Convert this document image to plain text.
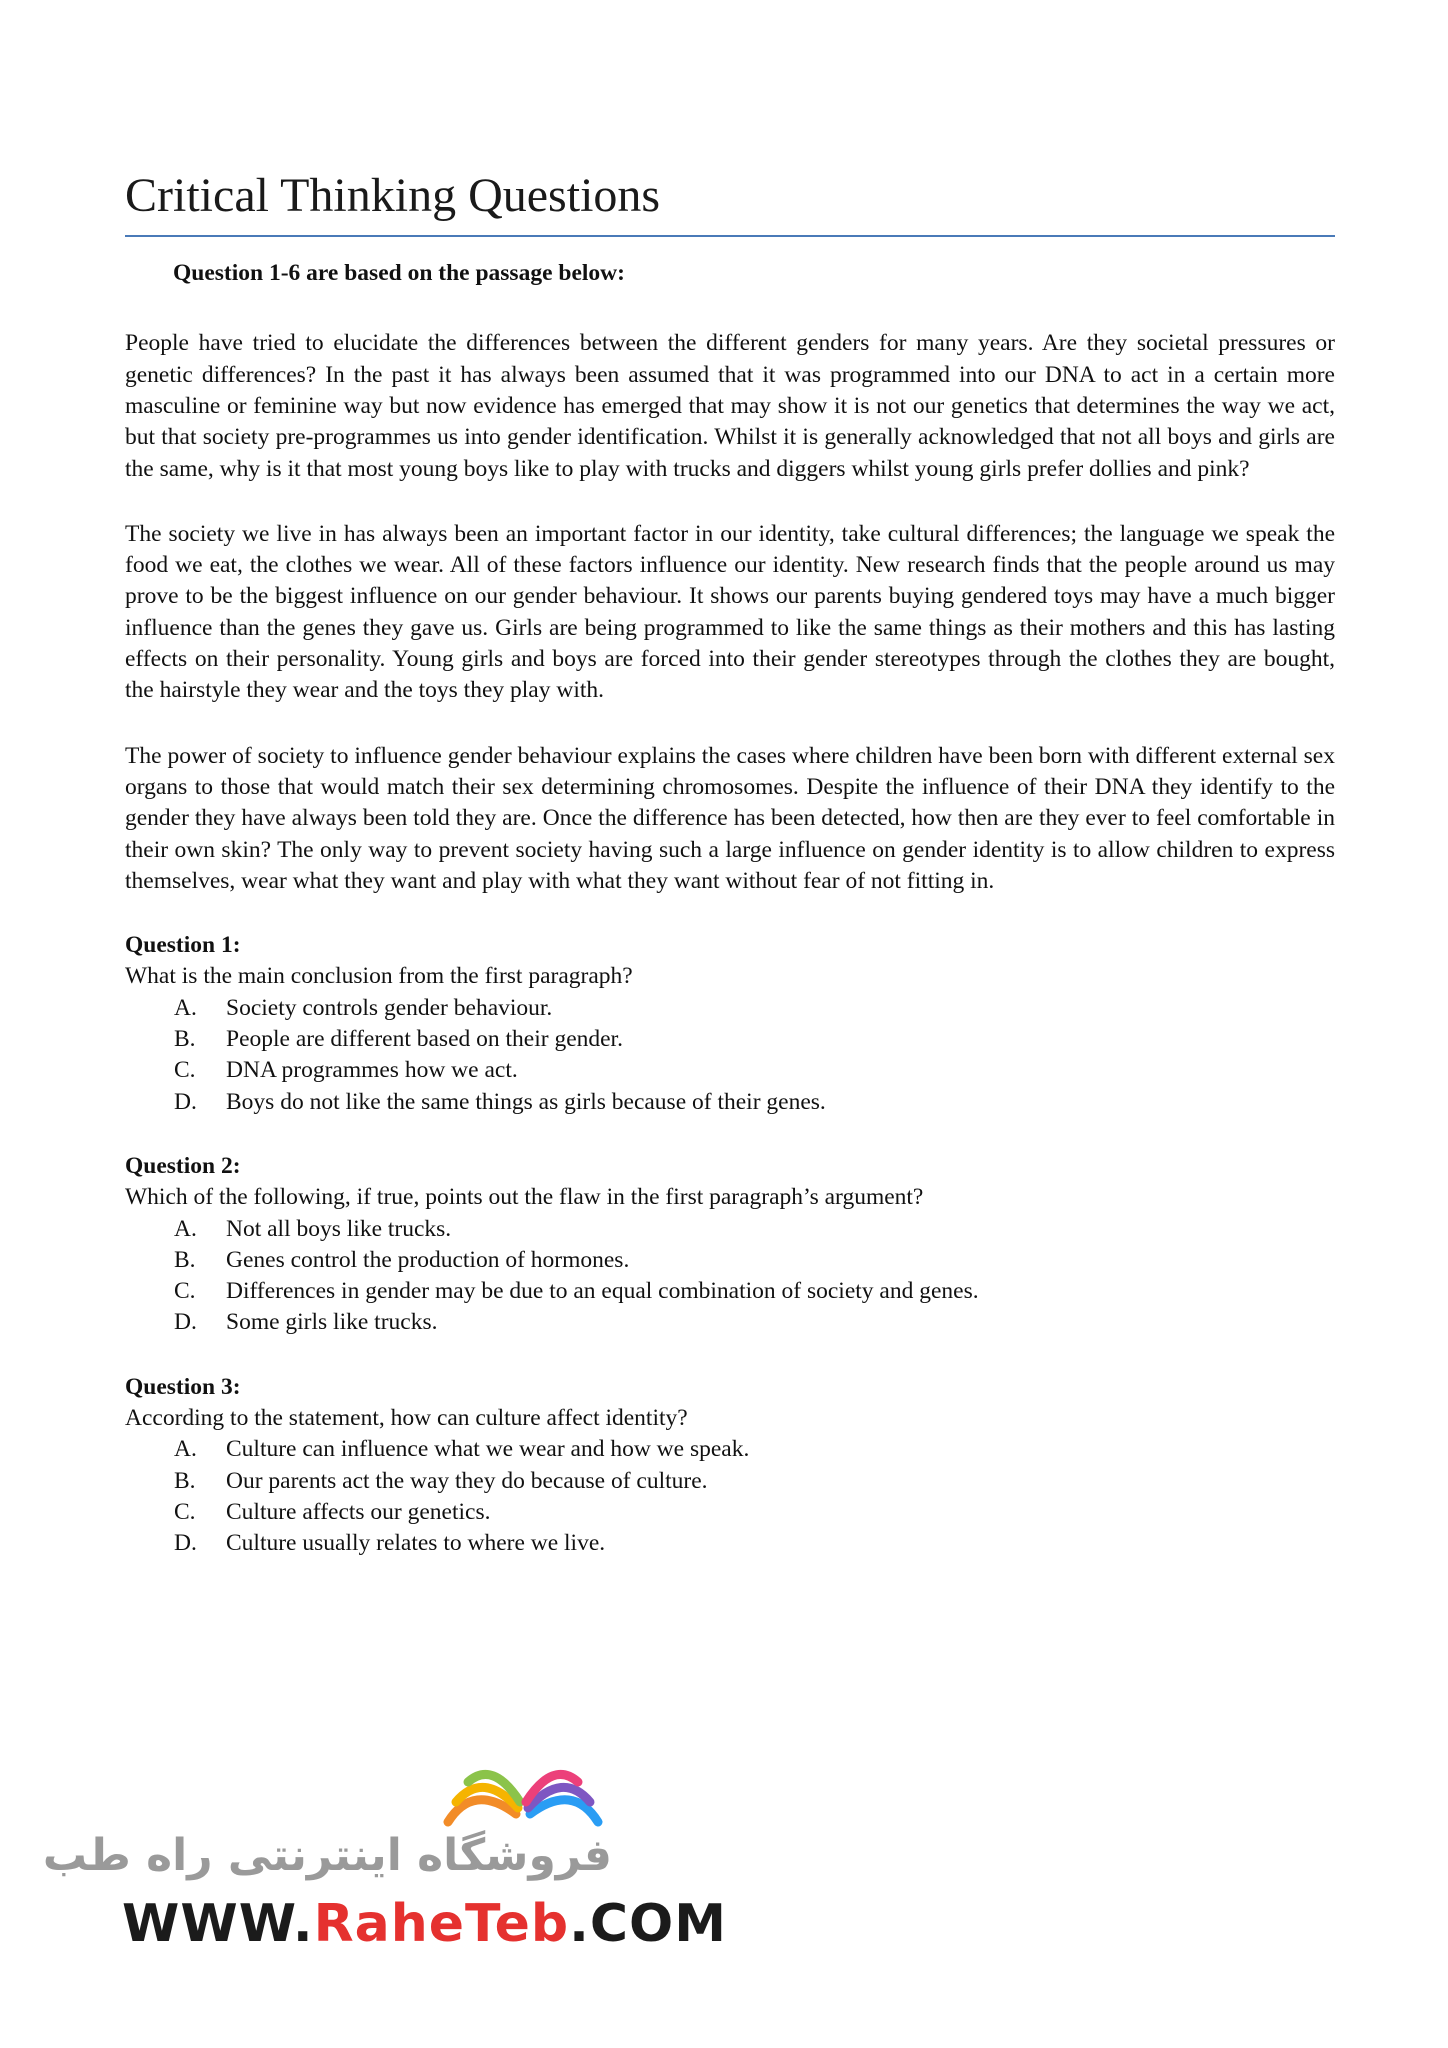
Critical Thinking Questions
Question 1-6 are based on the passage below:

People have tried to elucidate the differences between the different genders for many years. Are they societal pressures or genetic differences? In the past it has always been assumed that it was programmed into our DNA to act in a certain more masculine or feminine way but now evidence has emerged that may show it is not our genetics that determines the way we act, but that society pre-programmes us into gender identification. Whilst it is generally acknowledged that not all boys and girls are the same, why is it that most young boys like to play with trucks and diggers whilst young girls prefer dollies and pink?

The society we live in has always been an important factor in our identity, take cultural differences; the language we speak the food we eat, the clothes we wear. All of these factors influence our identity. New research finds that the people around us may prove to be the biggest influence on our gender behaviour. It shows our parents buying gendered toys may have a much bigger influence than the genes they gave us. Girls are being programmed to like the same things as their mothers and this has lasting effects on their personality. Young girls and boys are forced into their gender stereotypes through the clothes they are bought, the hairstyle they wear and the toys they play with.

The power of society to influence gender behaviour explains the cases where children have been born with different external sex organs to those that would match their sex determining chromosomes. Despite the influence of their DNA they identify to the gender they have always been told they are. Once the difference has been detected, how then are they ever to feel comfortable in their own skin? The only way to prevent society having such a large influence on gender identity is to allow children to express themselves, wear what they want and play with what they want without fear of not fitting in.

Question 1:
What is the main conclusion from the first paragraph?
A.	Society controls gender behaviour.
B.	People are different based on their gender.
C.	DNA programmes how we act.
D.	Boys do not like the same things as girls because of their genes.
Question 2:
Which of the following, if true, points out the flaw in the first paragraph’s argument?
A.	Not all boys like trucks.
B.	Genes control the production of hormones.
C.	Differences in gender may be due to an equal combination of society and genes.
D.	Some girls like trucks.
Question 3:
According to the statement, how can culture affect identity?
A.	Culture can influence what we wear and how we speak.
B.	Our parents act the way they do because of culture.
C.	Culture affects our genetics.
D.	Culture usually relates to where we live.
فروشگاه اینترنتی راه طب
WWW.RaheTeb.COM
